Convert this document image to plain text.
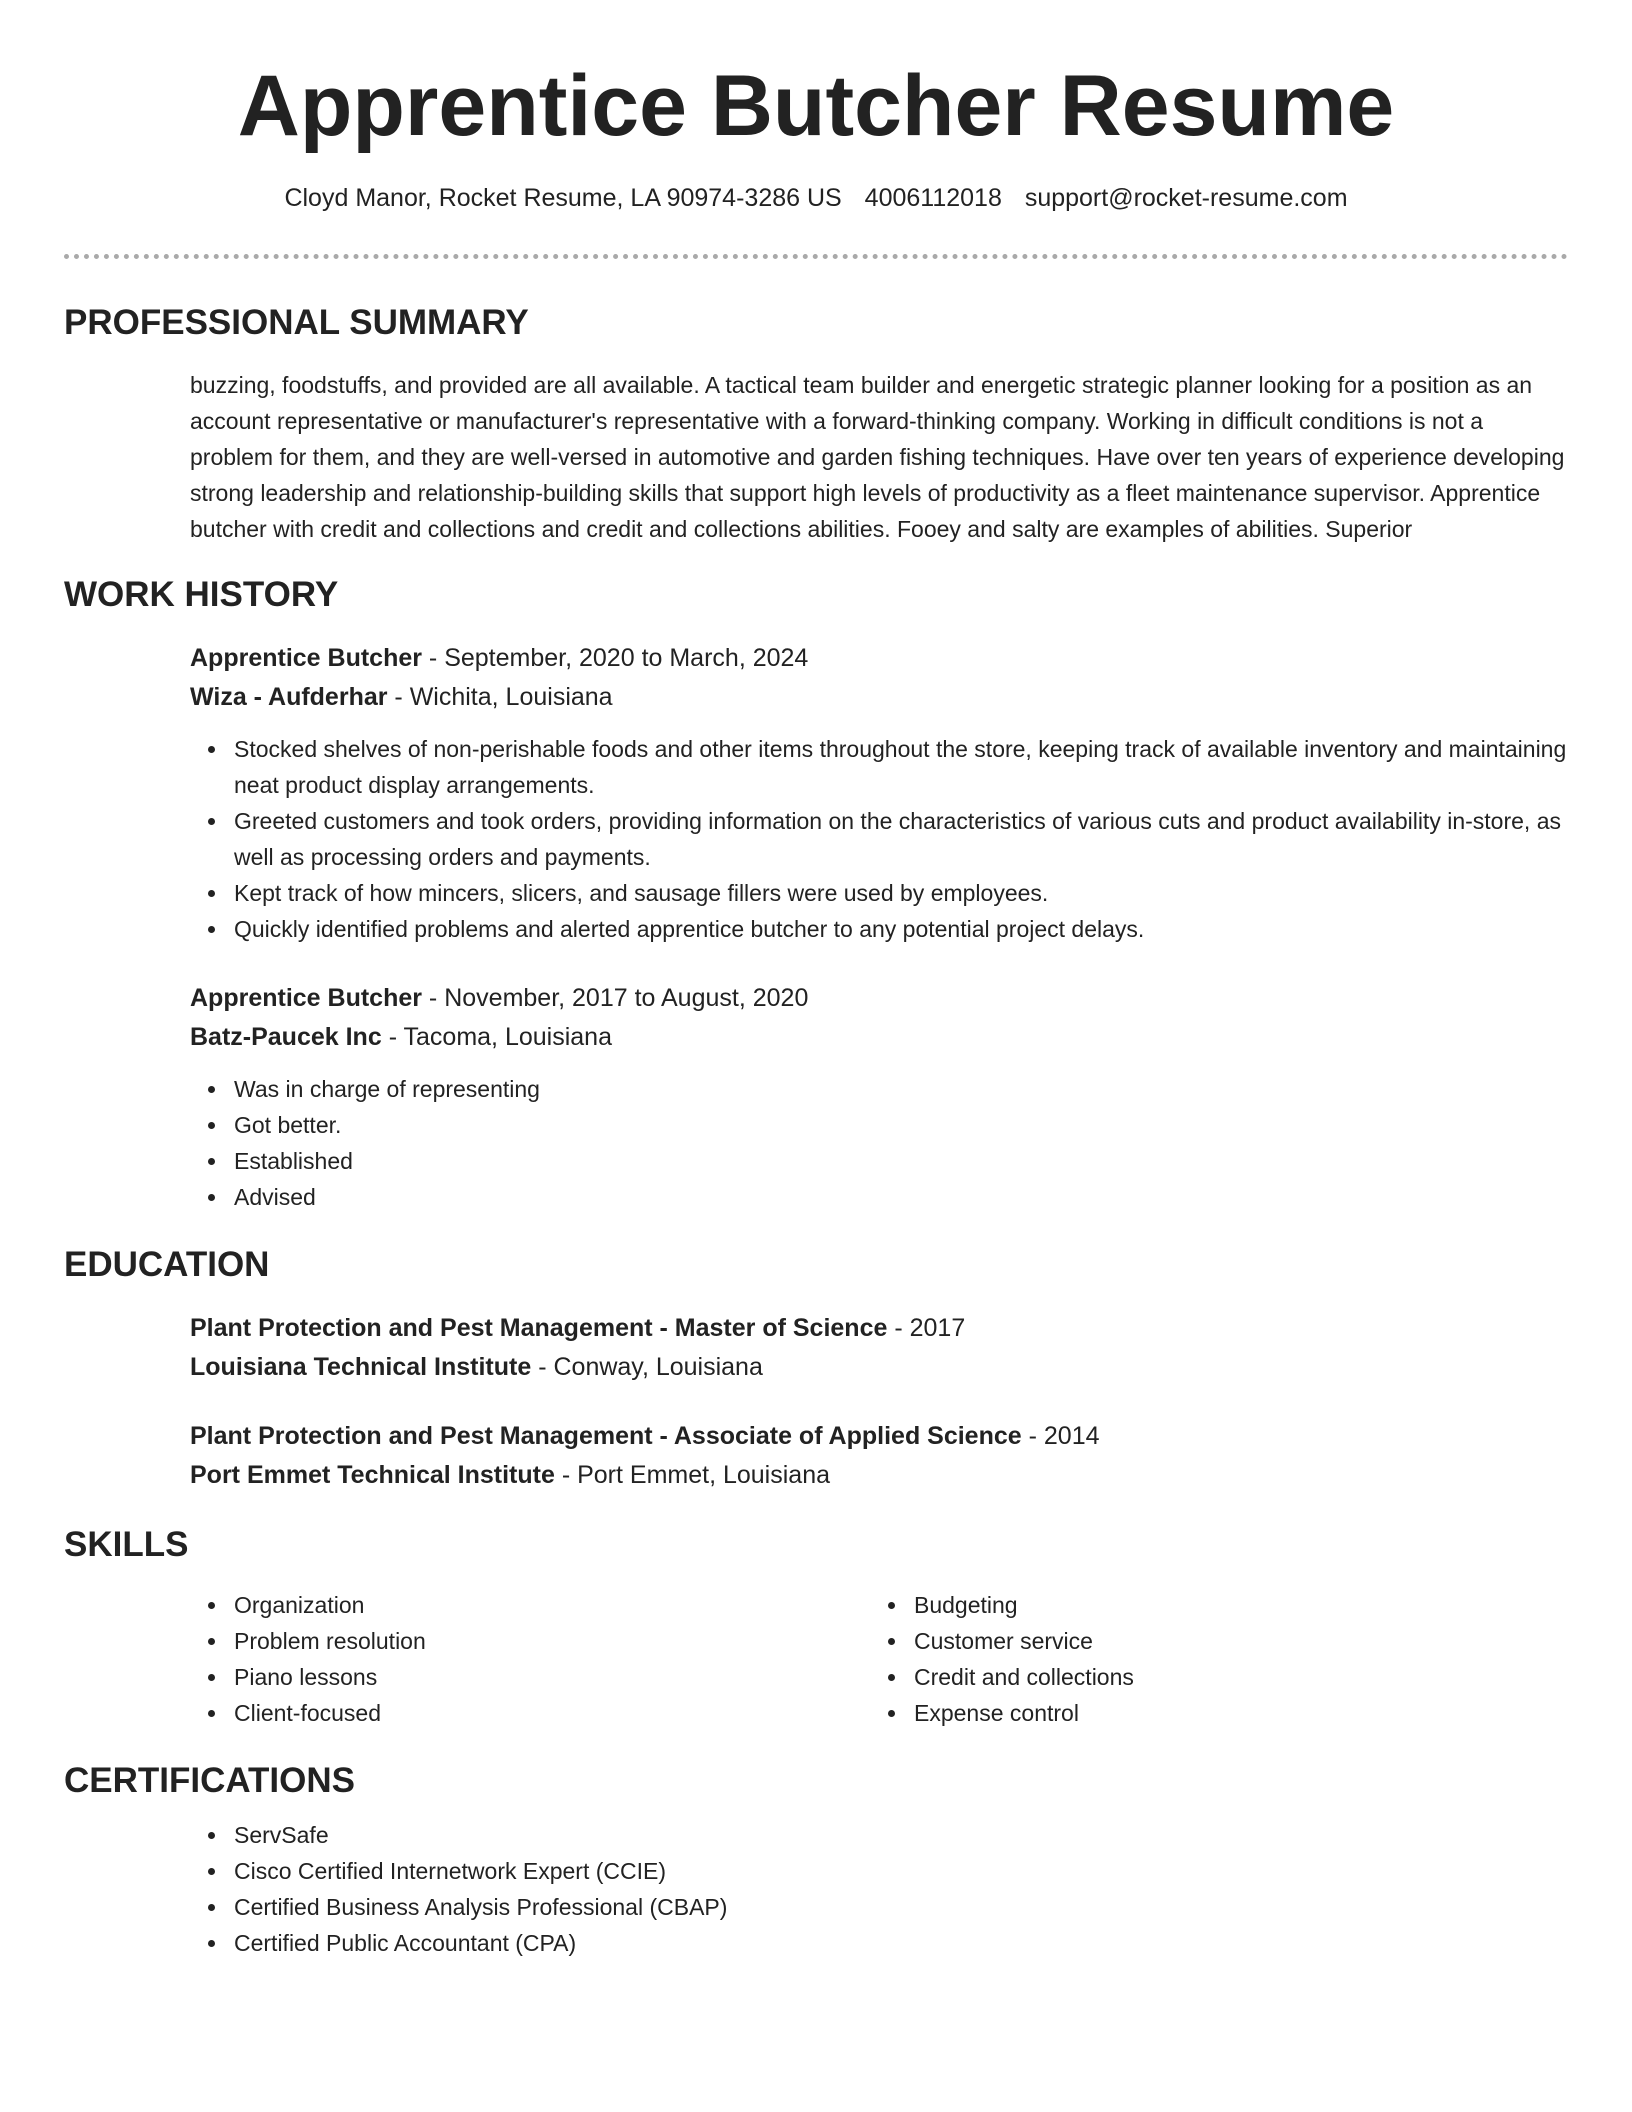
Apprentice Butcher Resume
Cloyd Manor, Rocket Resume, LA 90974-3286 US 4006112018 support@rocket-resume.com
PROFESSIONAL SUMMARY

buzzing, foodstuffs, and provided are all available. A tactical team builder and energetic strategic planner looking for a position as an account representative or manufacturer's representative with a forward-thinking company. Working in difficult conditions is not a problem for them, and they are well-versed in automotive and garden fishing techniques. Have over ten years of experience developing strong leadership and relationship-building skills that support high levels of productivity as a fleet maintenance supervisor. Apprentice butcher with credit and collections and credit and collections abilities. Fooey and salty are examples of abilities. Superior

WORK HISTORY
Apprentice Butcher - September, 2020 to March, 2024
Wiza - Aufderhar - Wichita, Louisiana
Stocked shelves of non-perishable foods and other items throughout the store, keeping track of available inventory and maintaining neat product display arrangements.
Greeted customers and took orders, providing information on the characteristics of various cuts and product availability in-store, as well as processing orders and payments.
Kept track of how mincers, slicers, and sausage fillers were used by employees.
Quickly identified problems and alerted apprentice butcher to any potential project delays.
Apprentice Butcher - November, 2017 to August, 2020
Batz-Paucek Inc - Tacoma, Louisiana
Was in charge of representing
Got better.
Established
Advised
EDUCATION
Plant Protection and Pest Management - Master of Science - 2017
Louisiana Technical Institute - Conway, Louisiana
Plant Protection and Pest Management - Associate of Applied Science - 2014
Port Emmet Technical Institute - Port Emmet, Louisiana
SKILLS
Organization
Problem resolution
Piano lessons
Client-focused
Budgeting
Customer service
Credit and collections
Expense control
CERTIFICATIONS
ServSafe
Cisco Certified Internetwork Expert (CCIE)
Certified Business Analysis Professional (CBAP)
Certified Public Accountant (CPA)
